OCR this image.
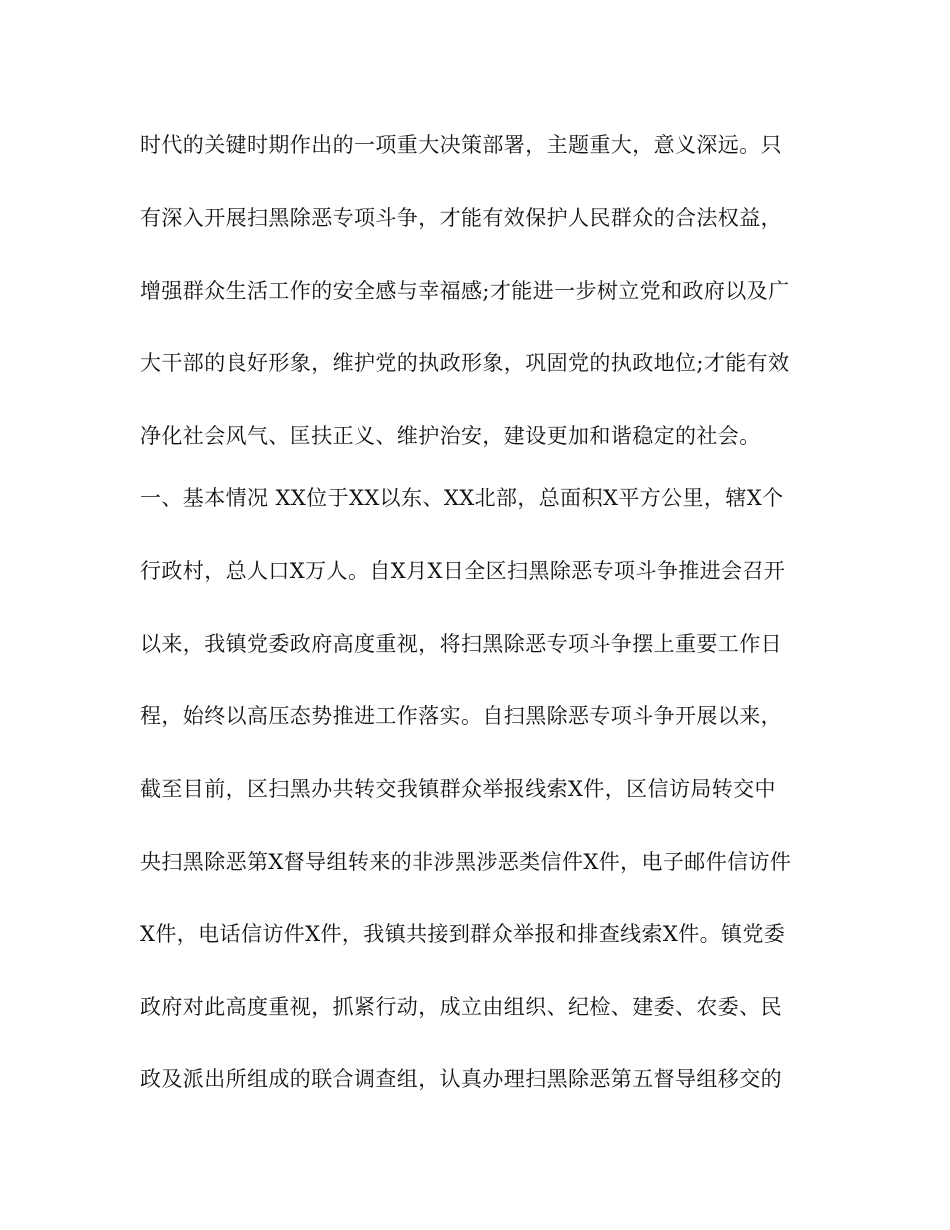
时代的关键时期作出的一项重大决策部署，主题重大，意义深远。只
有深入开展扫黑除恶专项斗争，才能有效保护人民群众的合法权益，
增强群众生活工作的安全感与幸福感;才能进一步树立党和政府以及广
大干部的良好形象，维护党的执政形象，巩固党的执政地位;才能有效
净化社会风气、匡扶正义、维护治安，建设更加和谐稳定的社会。
一、基本情况 XX位于XX以东、XX北部，总面积X平方公里，辖X个
行政村，总人口X万人。自X月X日全区扫黑除恶专项斗争推进会召开
以来，我镇党委政府高度重视，将扫黑除恶专项斗争摆上重要工作日
程，始终以高压态势推进工作落实。自扫黑除恶专项斗争开展以来，
截至目前，区扫黑办共转交我镇群众举报线索X件，区信访局转交中
央扫黑除恶第X督导组转来的非涉黑涉恶类信件X件，电子邮件信访件
X件，电话信访件X件，我镇共接到群众举报和排查线索X件。镇党委
政府对此高度重视，抓紧行动，成立由组织、纪检、建委、农委、民
政及派出所组成的联合调查组，认真办理扫黑除恶第五督导组移交的
